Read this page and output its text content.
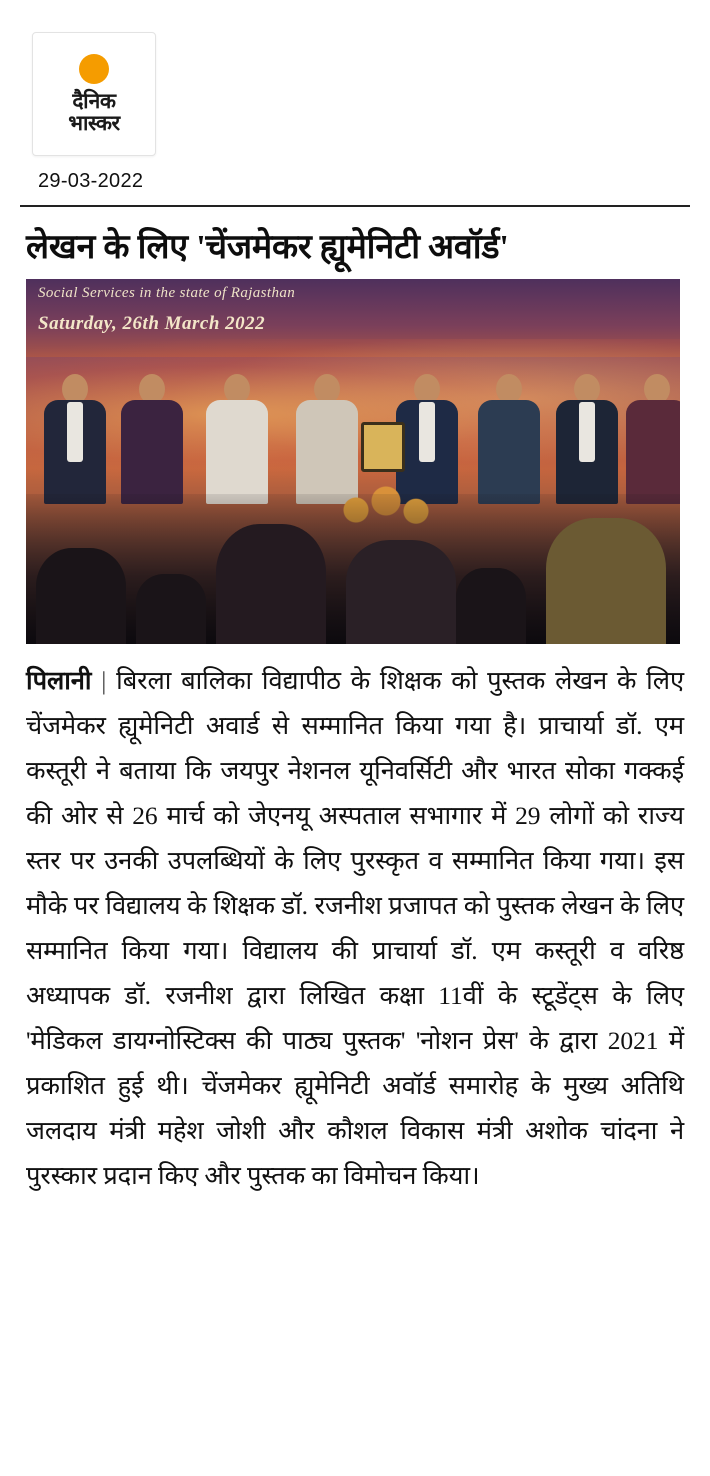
दैनिक
भास्कर
29-03-2022
लेखन के लिए 'चेंजमेकर ह्यूमेनिटी अवॉर्ड'
Social Services in the state of Rajasthan
Saturday, 26th March 2022
पिलानी | बिरला बालिका विद्यापीठ के शिक्षक को पुस्तक लेखन के लिए चेंजमेकर ह्यूमेनिटी अवार्ड से सम्मानित किया गया है। प्राचार्या डॉ. एम कस्तूरी ने बताया कि जयपुर नेशनल यूनिवर्सिटी और भारत सोका गक्कई की ओर से 26 मार्च को जेएनयू अस्पताल सभागार में 29 लोगों को राज्य स्तर पर उनकी उपलब्धियों के लिए पुरस्कृत व सम्मानित किया गया। इस मौके पर विद्यालय के शिक्षक डॉ. रजनीश प्रजापत को पुस्तक लेखन के लिए सम्मानित किया गया। विद्यालय की प्राचार्या डॉ. एम कस्तूरी व वरिष्ठ अध्यापक डॉ. रजनीश द्वारा लिखित कक्षा 11वीं के स्टूडेंट्स के लिए 'मेडिकल डायग्नोस्टिक्स की पाठ्य पुस्तक' 'नोशन प्रेस' के द्वारा 2021 में प्रकाशित हुई थी। चेंजमेकर ह्यूमेनिटी अवॉर्ड समारोह के मुख्य अतिथि जलदाय मंत्री महेश जोशी और कौशल विकास मंत्री अशोक चांदना ने पुरस्कार प्रदान किए और पुस्तक का विमोचन किया।
